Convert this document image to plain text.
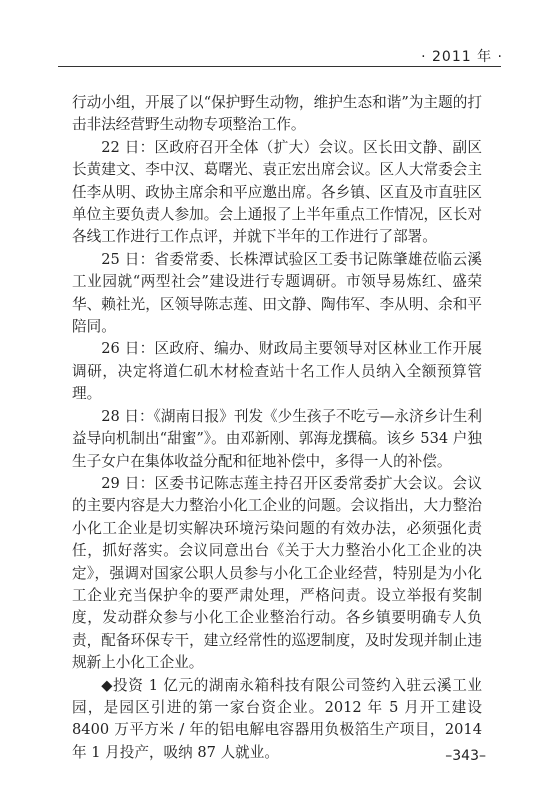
· 2011 年 ·

行动小组，开展了以“保护野生动物，维护生态和谐”为主题的打击非法经营野生动物专项整治工作。

22 日：区政府召开全体（扩大）会议。区长田文静、副区长黄建文、李中汉、葛曙光、袁正宏出席会议。区人大常委会主任李从明、政协主席余和平应邀出席。各乡镇、区直及市直驻区单位主要负责人参加。会上通报了上半年重点工作情况，区长对各线工作进行工作点评，并就下半年的工作进行了部署。

25 日：省委常委、长株潭试验区工委书记陈肇雄莅临云溪工业园就“两型社会”建设进行专题调研。市领导易炼红、盛荣华、赖社光，区领导陈志莲、田文静、陶伟军、李从明、余和平陪同。

26 日：区政府、编办、财政局主要领导对区林业工作开展调研，决定将道仁矶木材检查站十名工作人员纳入全额预算管理。

28 日：《湖南日报》刊发《少生孩子不吃亏—永济乡计生利益导向机制出“甜蜜”》。由邓新刚、郭海龙撰稿。该乡 534 户独生子女户在集体收益分配和征地补偿中，多得一人的补偿。

29 日：区委书记陈志莲主持召开区委常委扩大会议。会议的主要内容是大力整治小化工企业的问题。会议指出，大力整治小化工企业是切实解决环境污染问题的有效办法，必须强化责任，抓好落实。会议同意出台《关于大力整治小化工企业的决定》，强调对国家公职人员参与小化工企业经营，特别是为小化工企业充当保护伞的要严肃处理，严格问责。设立举报有奖制度，发动群众参与小化工企业整治行动。各乡镇要明确专人负责，配备环保专干，建立经常性的巡逻制度，及时发现并制止违规新上小化工企业。

◆投资 1 亿元的湖南永箱科技有限公司签约入驻云溪工业园，是园区引进的第一家台资企业。2012 年 5 月开工建设 8400 万平方米 / 年的铝电解电容器用负极箔生产项目，2014 年 1 月投产，吸纳 87 人就业。	–343–
